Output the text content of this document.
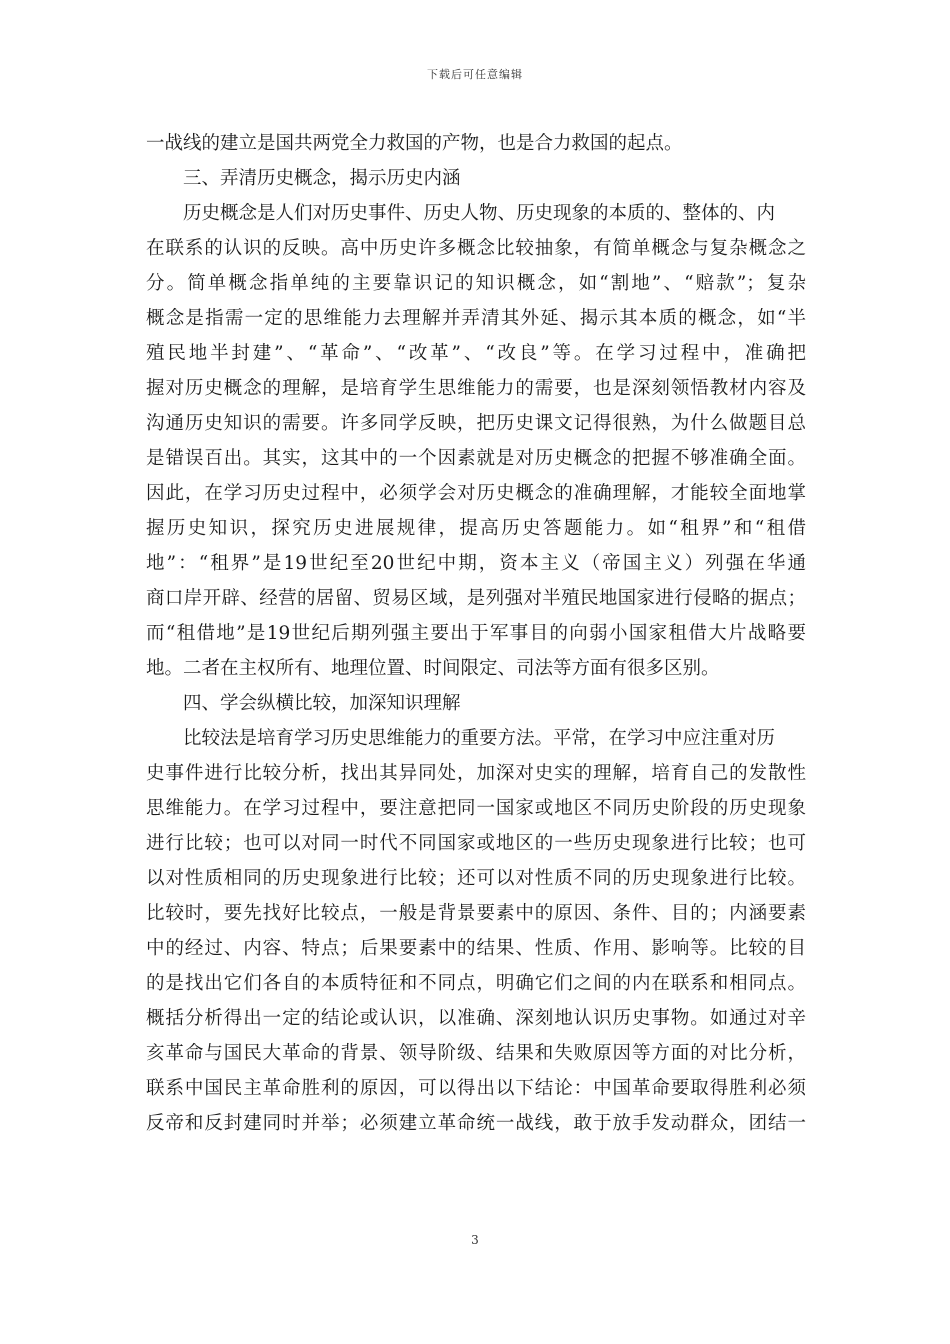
下载后可任意编辑
一战线的建立是国共两党全力救国的产物，也是合力救国的起点。
三、弄清历史概念，揭示历史内涵
历史概念是人们对历史事件、历史人物、历史现象的本质的、整体的、内
在联系的认识的反映。高中历史许多概念比较抽象，有简单概念与复杂概念之
分。简单概念指单纯的主要靠识记的知识概念，如“割地”、“赔款”；复杂
概念是指需一定的思维能力去理解并弄清其外延、揭示其本质的概念，如“半
殖民地半封建”、“革命”、“改革”、“改良”等。在学习过程中，准确把
握对历史概念的理解，是培育学生思维能力的需要，也是深刻领悟教材内容及
沟通历史知识的需要。许多同学反映，把历史课文记得很熟，为什么做题目总
是错误百出。其实，这其中的一个因素就是对历史概念的把握不够准确全面。
因此，在学习历史过程中，必须学会对历史概念的准确理解，才能较全面地掌
握历史知识，探究历史进展规律，提高历史答题能力。如“租界”和“租借
地”：“租界”是19世纪至20世纪中期，资本主义（帝国主义）列强在华通
商口岸开辟、经营的居留、贸易区域，是列强对半殖民地国家进行侵略的据点；
而“租借地”是19世纪后期列强主要出于军事目的向弱小国家租借大片战略要
地。二者在主权所有、地理位置、时间限定、司法等方面有很多区别。
四、学会纵横比较，加深知识理解
比较法是培育学习历史思维能力的重要方法。平常，在学习中应注重对历
史事件进行比较分析，找出其异同处，加深对史实的理解，培育自己的发散性
思维能力。在学习过程中，要注意把同一国家或地区不同历史阶段的历史现象
进行比较；也可以对同一时代不同国家或地区的一些历史现象进行比较；也可
以对性质相同的历史现象进行比较；还可以对性质不同的历史现象进行比较。
比较时，要先找好比较点，一般是背景要素中的原因、条件、目的；内涵要素
中的经过、内容、特点；后果要素中的结果、性质、作用、影响等。比较的目
的是找出它们各自的本质特征和不同点，明确它们之间的内在联系和相同点。
概括分析得出一定的结论或认识，以准确、深刻地认识历史事物。如通过对辛
亥革命与国民大革命的背景、领导阶级、结果和失败原因等方面的对比分析，
联系中国民主革命胜利的原因，可以得出以下结论：中国革命要取得胜利必须
反帝和反封建同时并举；必须建立革命统一战线，敢于放手发动群众，团结一
3
